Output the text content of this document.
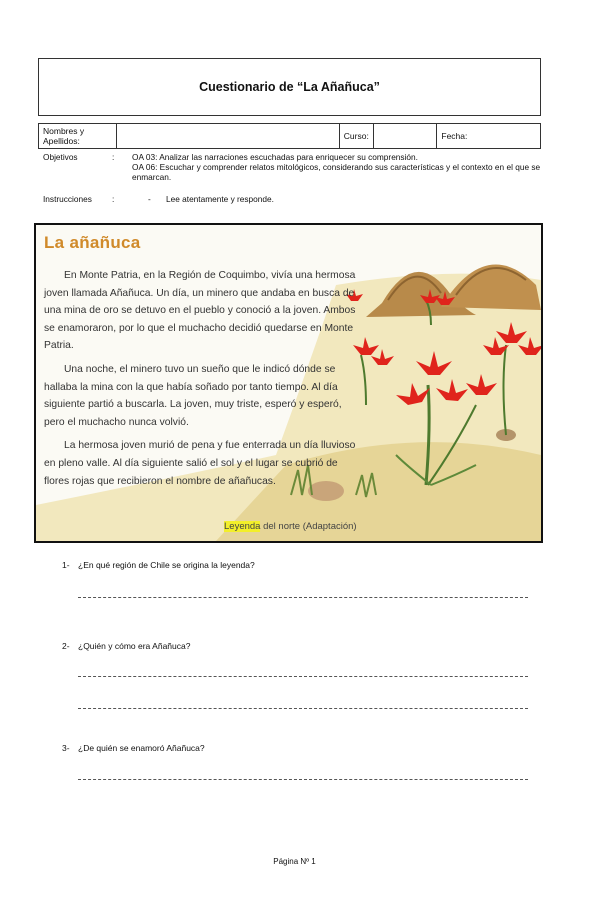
Cuestionario de “La Añañuca”
Nombres y Apellidos:	Curso:	Fecha:
Objetivos	: OA 03: Analizar las narraciones escuchadas para enriquecer su comprensión.
OA 06: Escuchar y comprender relatos mitológicos, considerando sus características y el contexto en el que se
enmarcan.
Instrucciones :	- Lee atentamente y responde.
La añañuca

En Monte Patria, en la Región de Coquimbo, vivía una hermosa joven llamada Añañuca. Un día, un minero que andaba en busca de una mina de oro se detuvo en el pueblo y conoció a la joven. Ambos se enamoraron, por lo que el muchacho decidió quedarse en Monte Patria.

Una noche, el minero tuvo un sueño que le indicó dónde se hallaba la mina con la que había soñado por tanto tiempo. Al día siguiente partió a buscarla. La joven, muy triste, esperó y esperó, pero el muchacho nunca volvió.

La hermosa joven murió de pena y fue enterrada un día lluvioso en pleno valle. Al día siguiente salió el sol y el lugar se cubrió de flores rojas que recibieron el nombre de añañucas.

Leyenda del norte (Adaptación)
1- ¿En qué región de Chile se origina la leyenda?
2- ¿Quién y cómo era Añañuca?
3- ¿De quién se enamoró Añañuca?
Página Nº 1
